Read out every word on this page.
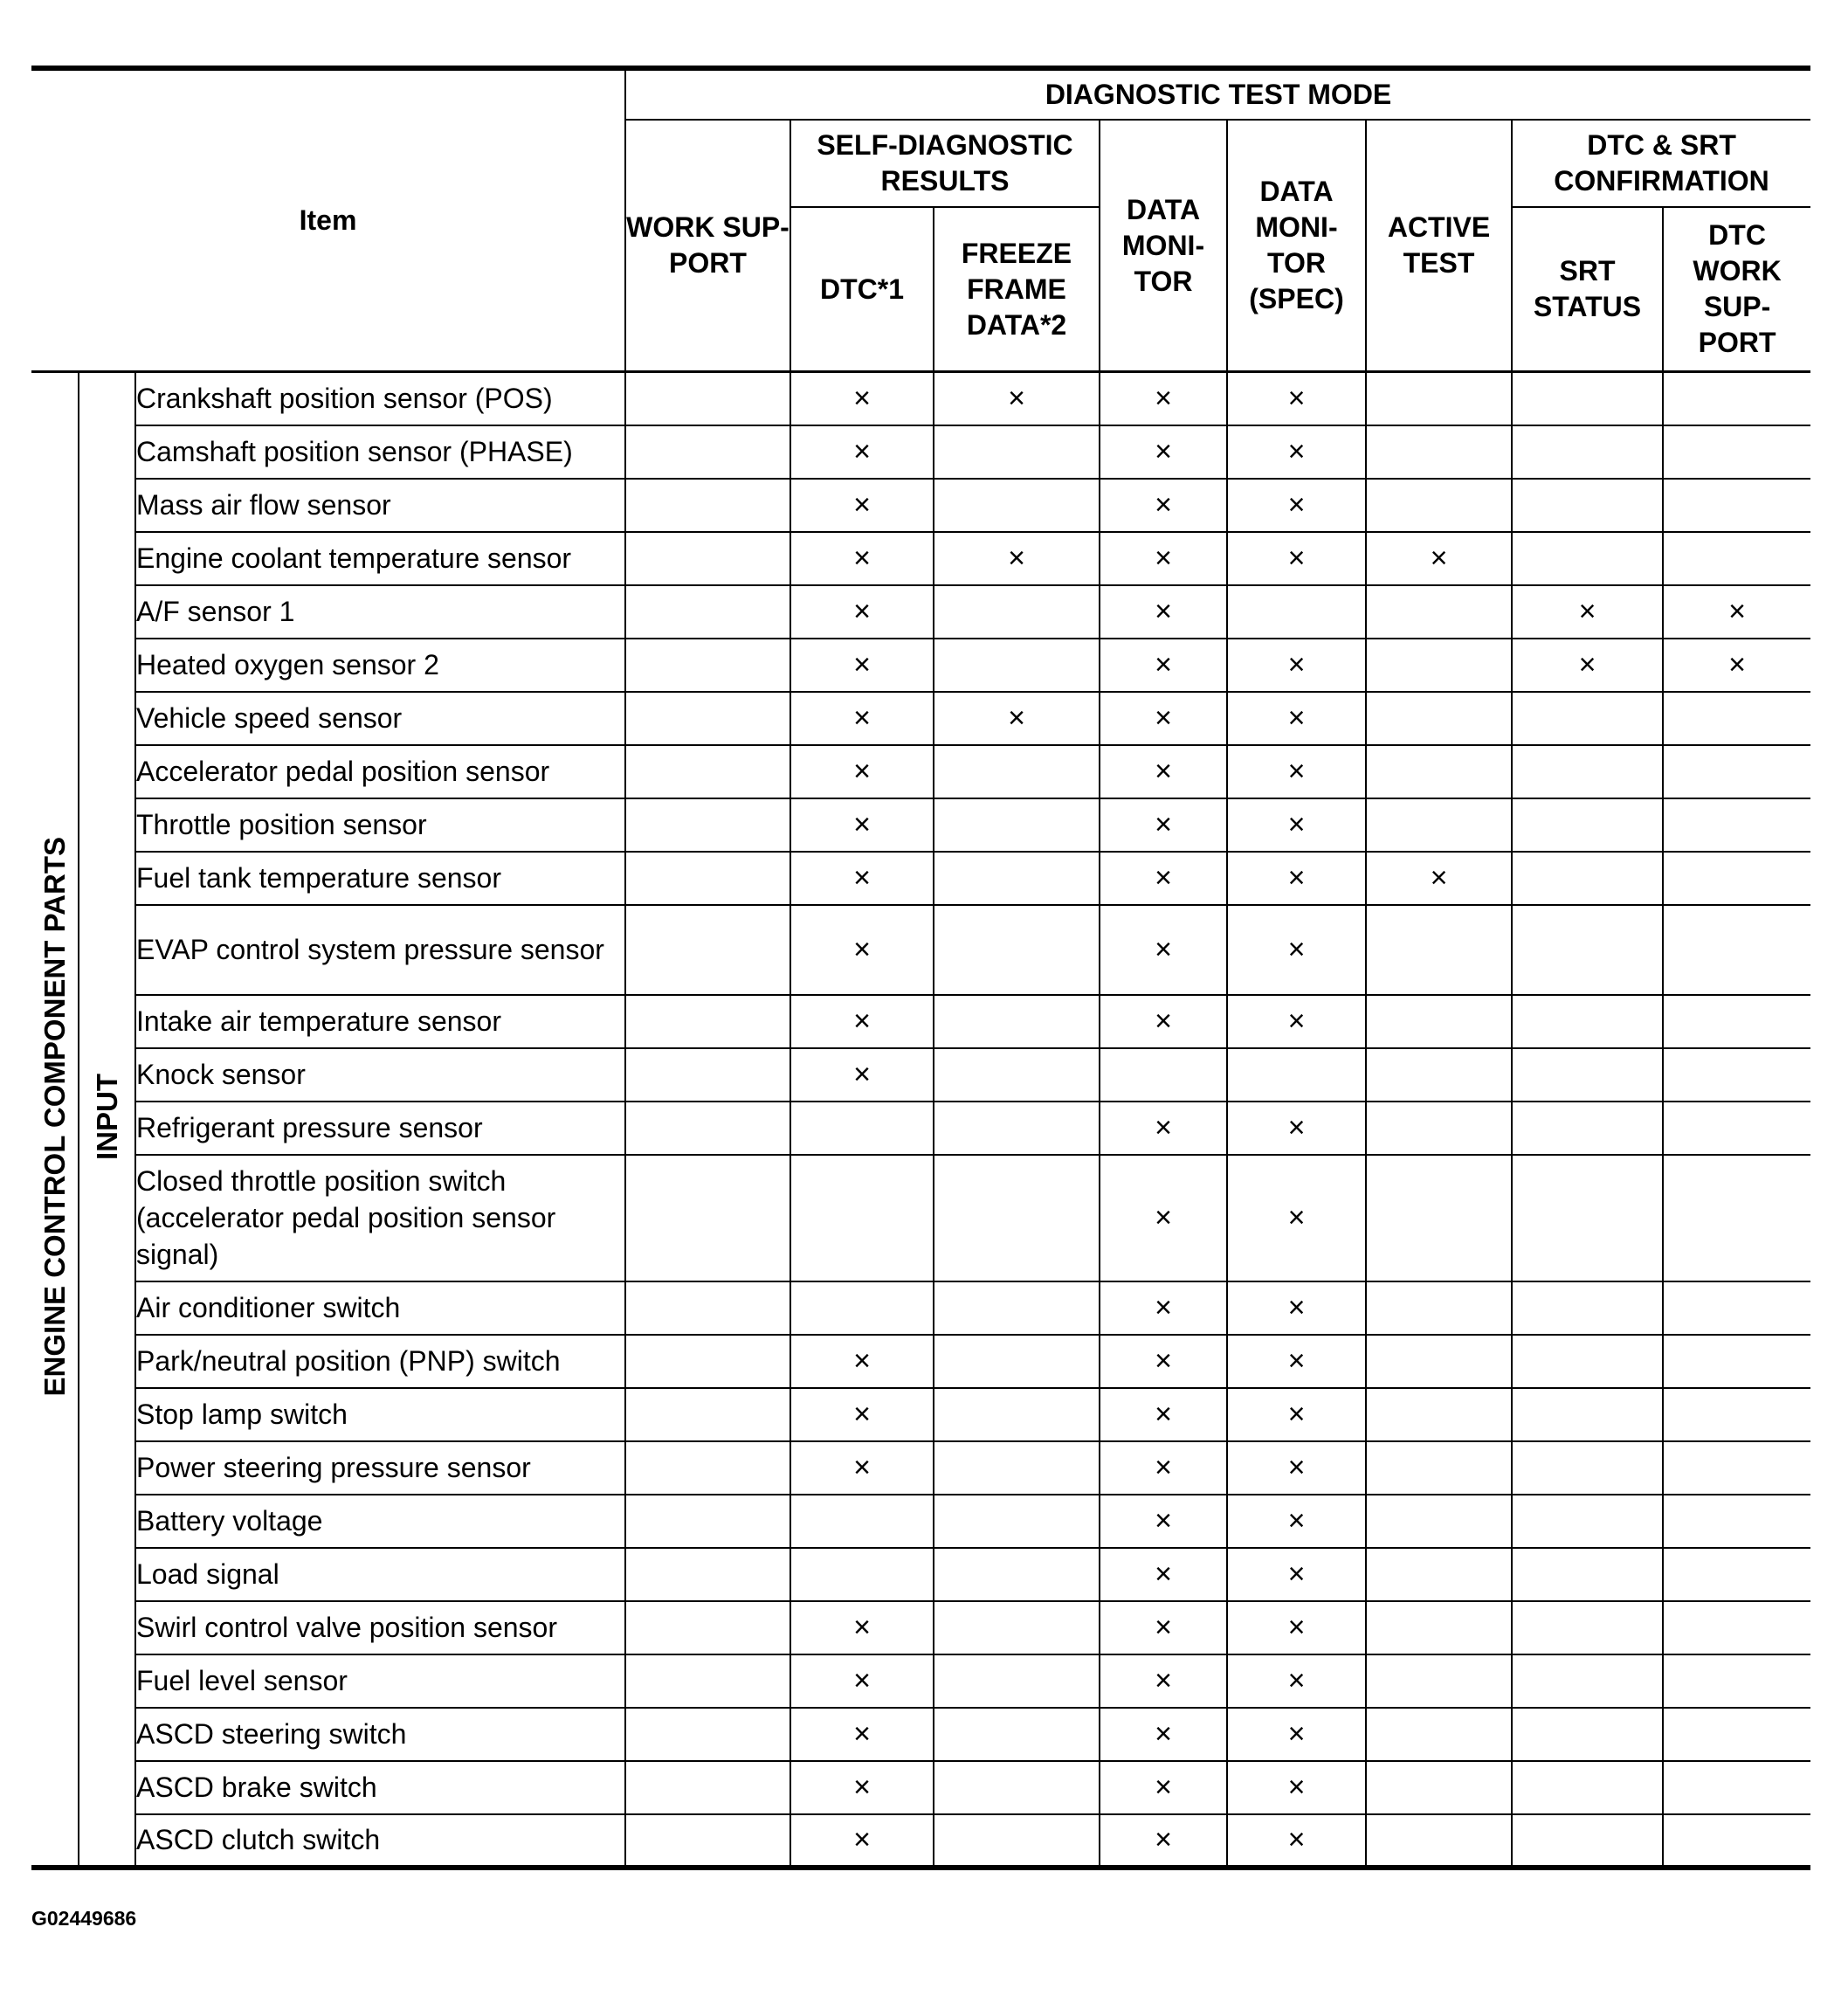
Item			DIAGNOSTIC TEST MODE							
			WORK SUP- PORT	SELF-DIAGNOSTIC RESULTS		DATA MONI- TOR	DATA MONI- TOR (SPEC)	ACTIVE TEST	DTC & SRT CONFIRMATION	
				DTC*1	FREEZE FRAME DATA*2				SRT STATUS	DTC WORK SUP- PORT
ENGINE CONTROL COMPONENT PARTS	INPUT	Crankshaft position sensor (POS)		×	×	×	×			
		Camshaft position sensor (PHASE)		×		×	×			
		Mass air flow sensor		×		×	×			
		Engine coolant temperature sensor		×	×	×	×	×		
		A/F sensor 1		×		×			×	×
		Heated oxygen sensor 2		×		×	×		×	×
		Vehicle speed sensor		×	×	×	×			
		Accelerator pedal position sensor		×		×	×			
		Throttle position sensor		×		×	×			
		Fuel tank temperature sensor		×		×	×	×		
		EVAP control system pressure sensor		×		×	×			
		Intake air temperature sensor		×		×	×			
		Knock sensor		×						
		Refrigerant pressure sensor				×	×			
		Closed throttle position switch (accelerator pedal position sensor signal)				×	×			
		Air conditioner switch				×	×			
		Park/neutral position (PNP) switch		×		×	×			
		Stop lamp switch		×		×	×			
		Power steering pressure sensor		×		×	×			
		Battery voltage				×	×			
		Load signal				×	×			
		Swirl control valve position sensor		×		×	×			
		Fuel level sensor		×		×	×			
		ASCD steering switch		×		×	×			
		ASCD brake switch		×		×	×			
		ASCD clutch switch		×		×	×			
G02449686
